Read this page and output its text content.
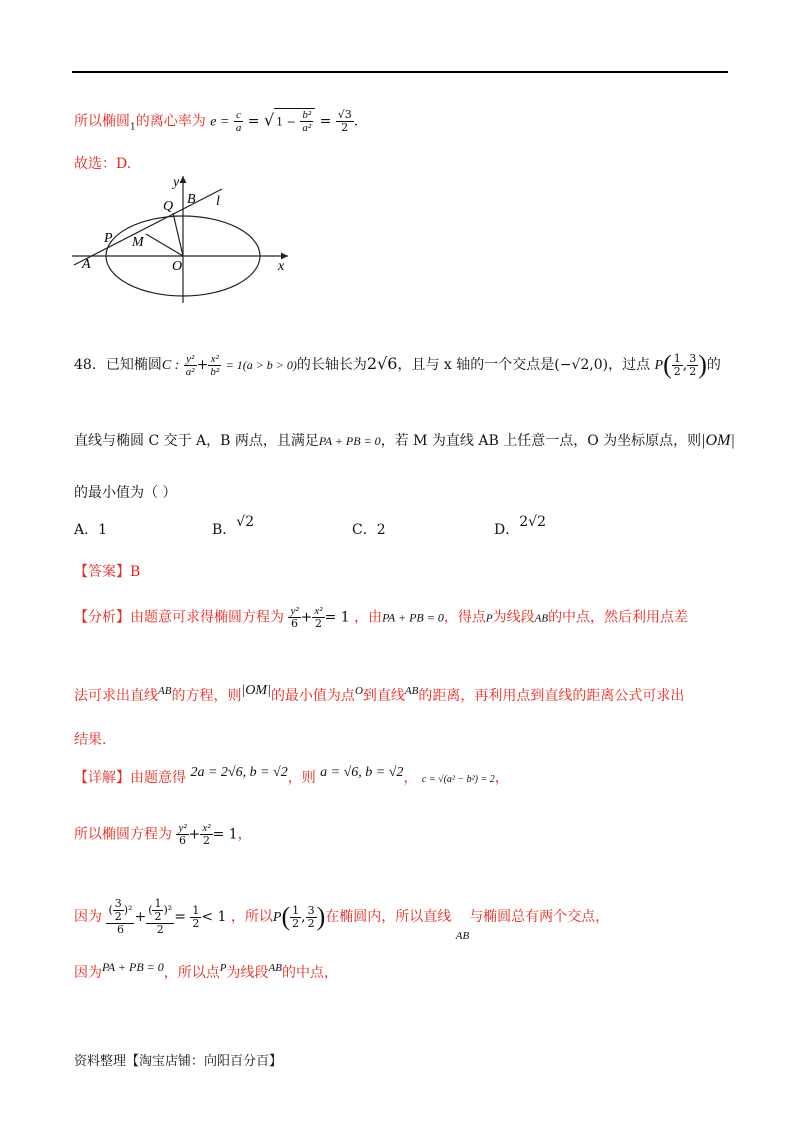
所以椭圆$_1$的离心率为 $e = \frac{c}{a}$ = √ $1 - \frac{\text{b²}}{\text{a²}} = \frac{√3}{2}$ .
故选：D.
y
B l
Q
P M
A	O	x
48．已知椭圆C : $\frac{\text{y²}}{\text{a²}} + \frac{\text{x²}}{\text{b²}} = 1(a > b > 0)$的长轴长为2√6，且与 x 轴的一个交点是(−√2,0)，过点 $P( \frac{1}{2}$ , $\frac{3}{2}$ )的
直线与椭圆 C 交于 A，B 两点，且满足PA + PB = 0，若 M 为直线 AB 上任意一点，O 为坐标原点，则|OM|
的最小值为（ ）
A．1	B．√2	C．2	D．2√2
【答案】B
【分析】由题意可求得椭圆方程为 $\frac{\text{y²}}{6} + \frac{\text{x²}}{2} = 1$ ，由PA + PB = 0，得点P为线段AB的中点，然后利用点差
法可求出直线$^{AB}$的方程，则|OM|的最小值为点$^O$到直线$^{AB}$的距离，再利用点到直线的距离公式可求出
结果.
【详解】由题意得 2a = 2√6, b = √2，则 a = √6, b = √2， c = √(a² − b²) = 2，
所以椭圆方程为 $\frac{\text{y²}}{6} + \frac{\text{x²}}{2} = 1$，
因为 $\frac{( \frac{3}{2} )^2}{6} + \frac{( \frac{1}{2} )^2}{2} = \frac{1}{2} < 1$ ，所以$P( \frac{1}{2}$ , $\frac{3}{2}$ )在椭圆内，所以直线 $_{AB}$与椭圆总有两个交点，
因为PA + PB = 0，所以点$^P$为线段$^{AB}$的中点，
资料整理【淘宝店铺：向阳百分百】
